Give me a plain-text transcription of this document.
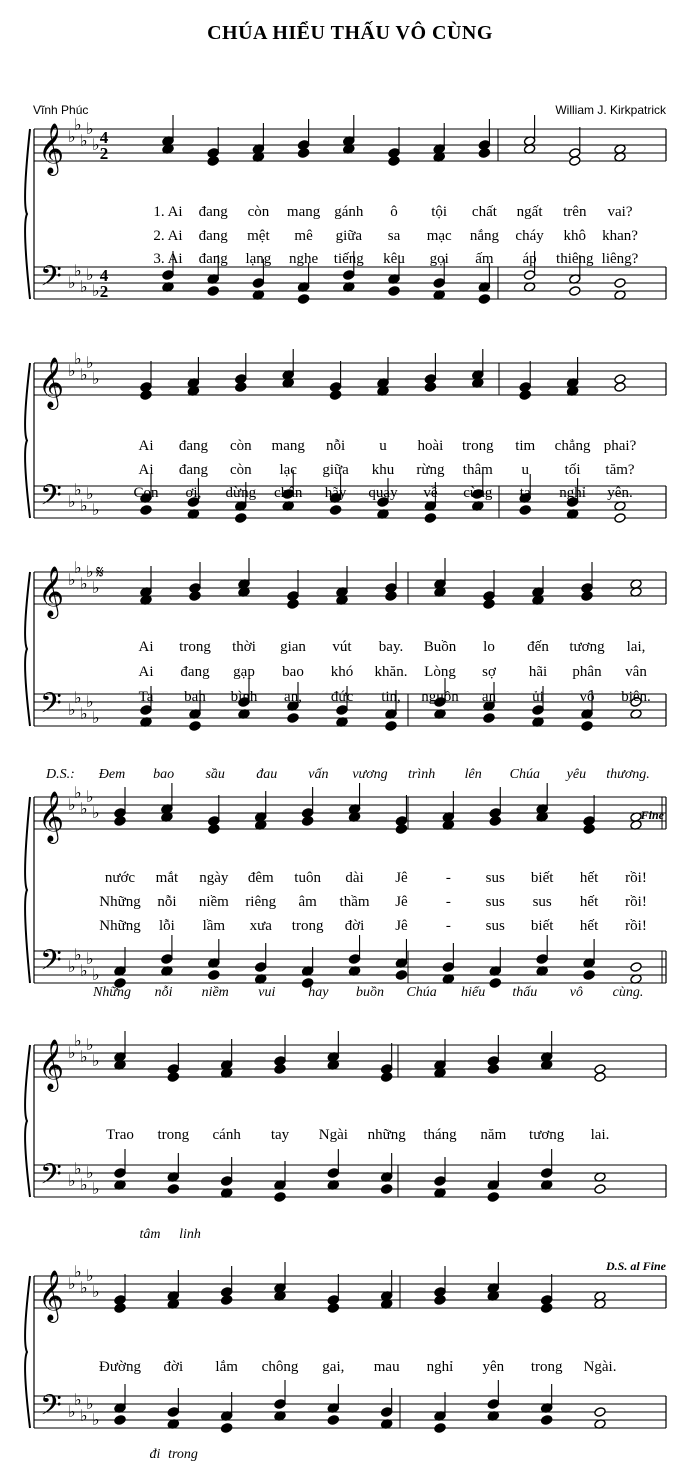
CHÚA HIỂU THẤU VÔ CÙNG
Vĩnh Phúc	William J. Kirkpatrick
𝄞
𝄢
♭
♭
♭
♭
♭
♭
♭
♭
♭
♭
4
2
4
2
1. Ai đang còn mang gánh ô tội chất ngất trên vai?
2. Ai đang mệt mê giữa sa mạc nắng cháy khô khan?
3. Ai đang lạng nghe tiếng kêu gọi ấm áp thiêng liêng?
𝄞
𝄢
♭
♭
♭
♭
♭
♭
♭
♭
♭
♭
Ai đang còn mang nỗi u hoài trong tim chẳng phai?
Ai đang còn lạc giữa khu rừng thâm u tối tăm?
Con ơi, dừng chân hãy quay về cùng ta nghỉ yên.
𝄞
𝄢
♭
♭
♭
♭
♭
♭
♭
♭
♭
♭
Ai trong thời gian vút bay. Buồn lo đến tương lai,
Ai đang gạp bao khó khăn. Lòng sợ hãi phân vân
Ta ban bình an, đức tin, nguồn an ủi vô biên.
Đem bao sầu đau vấn vương trình lên Chúa yêu thương.
𝄞
𝄢
♭
♭
♭
♭
♭
♭
♭
♭
♭
♭
nước mắt ngày đêm tuôn dài Jê	- sus biết hết rồi!
Những nỗi niềm riêng âm thầm Jê	- sus sus hết rồi!
Những lỗi lầm xưa trong đời Jê	- sus biết hết rồi!
Những nỗi niềm vui hay buồn Chúa hiểu thấu vô cùng.
𝄞
𝄢
♭
♭
♭
♭
♭
♭
♭
♭
♭
♭
Trao trong cánh tay Ngài những tháng năm tương lai.
tâm linh
𝄞
𝄢
♭
♭
♭
♭
♭
♭
♭
♭
♭
♭
Đường đời lắm chông gai, mau nghỉ yên trong Ngài.
đi trong
𝄋
D.S.:
Fine
D.S. al Fine
